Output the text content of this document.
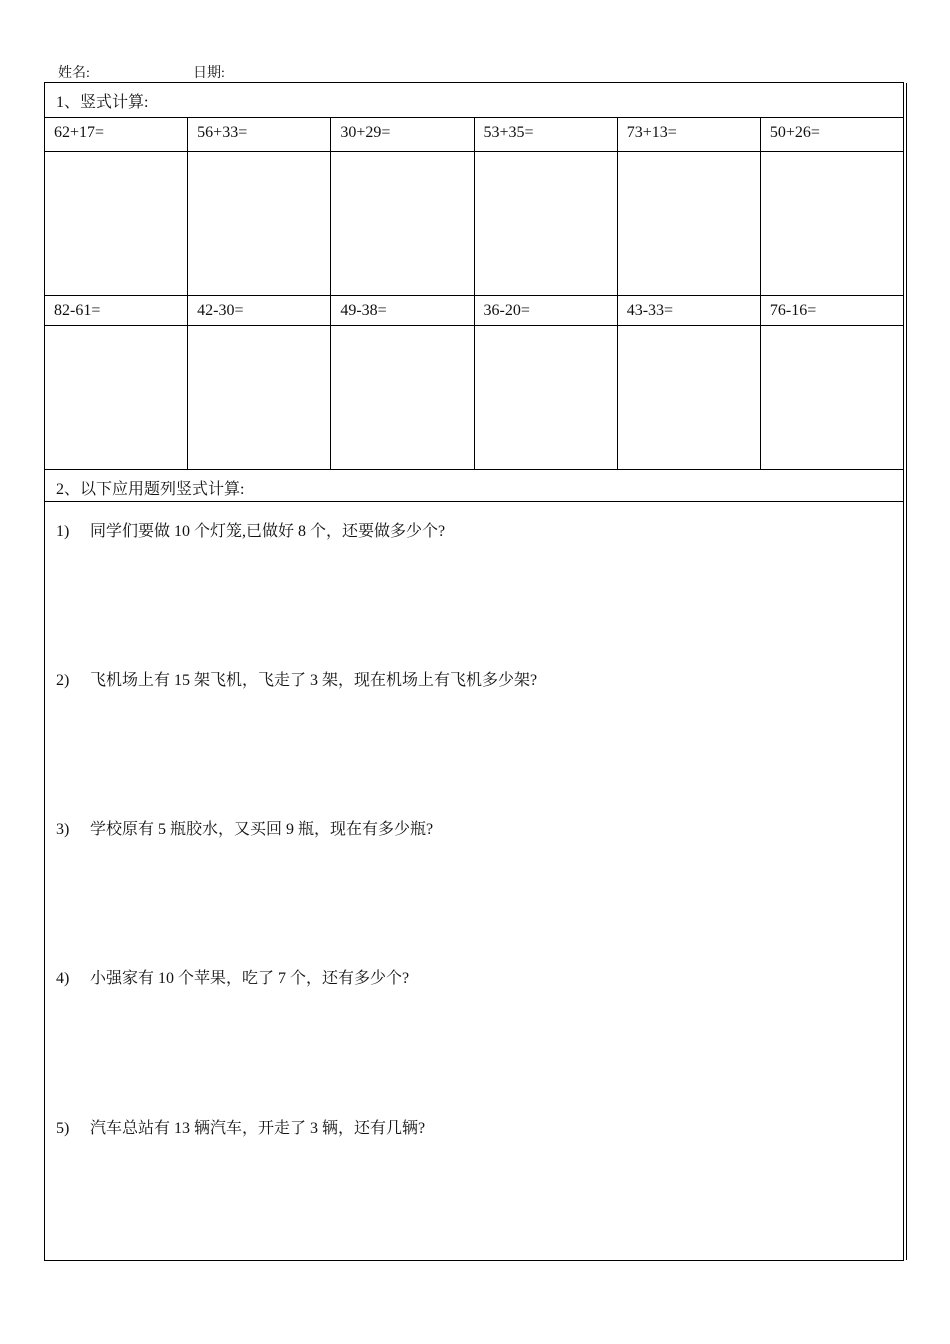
姓名:	日期:
1、竖式计算:
62+17=	56+33=	30+29=	53+35=	73+13=	50+26=
82-61=	42-30=	49-38=	36-20=	43-33=	76-16=
2、以下应用题列竖式计算:
1) 同学们要做 10 个灯笼,已做好 8 个，还要做多少个?
2) 飞机场上有 15 架飞机，飞走了 3 架，现在机场上有飞机多少架?
3) 学校原有 5 瓶胶水，又买回 9 瓶，现在有多少瓶?
4) 小强家有 10 个苹果，吃了 7 个，还有多少个?
5) 汽车总站有 13 辆汽车，开走了 3 辆，还有几辆?
